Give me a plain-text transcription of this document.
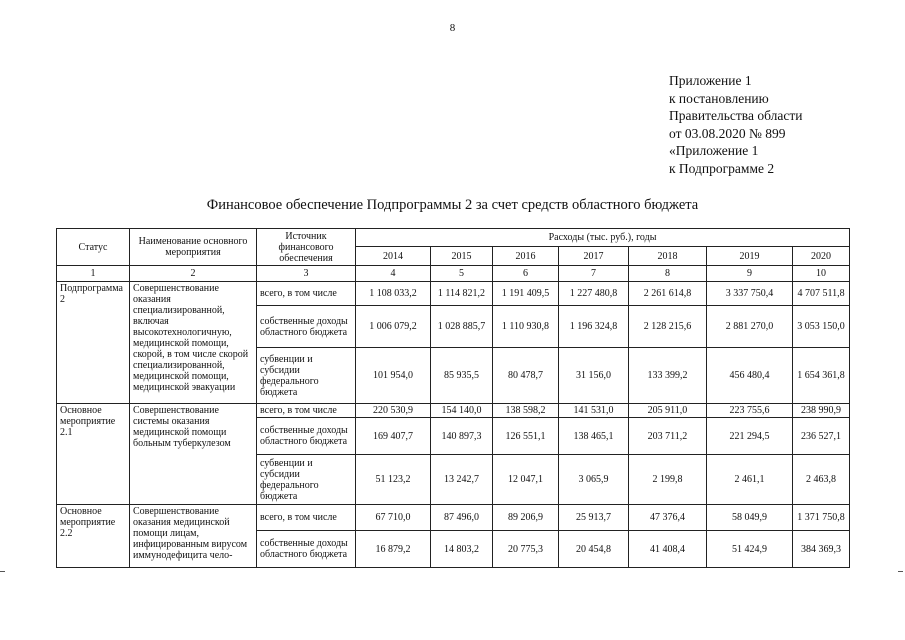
8
Приложение 1
к постановлению
Правительства области
от 03.08.2020 № 899
«Приложение 1
к Подпрограмме 2
Финансовое обеспечение Подпрограммы 2 за счет средств областного бюджета
Статус	Наименование основного мероприятия	Источник финансового обеспечения	Расходы (тыс. руб.), годы						
			2014	2015	2016	2017	2018	2019	2020
1	2	3	4	5	6	7	8	9	10
Подпрограмма 2	Совершенствование оказания специализированной, включая высокотехнологичную, медицинской помощи, скорой, в том числе скорой специализированной, медицинской помощи, медицинской эвакуации	всего, в том числе	1 108 033,2	1 114 821,2	1 191 409,5	1 227 480,8	2 261 614,8	3 337 750,4	4 707 511,8
		собственные доходы областного бюджета	1 006 079,2	1 028 885,7	1 110 930,8	1 196 324,8	2 128 215,6	2 881 270,0	3 053 150,0
		субвенции и субсидии федерального бюджета	101 954,0	85 935,5	80 478,7	31 156,0	133 399,2	456 480,4	1 654 361,8
Основное мероприятие 2.1	Совершенствование системы оказания медицинской помощи больным туберкулезом	всего, в том числе	220 530,9	154 140,0	138 598,2	141 531,0	205 911,0	223 755,6	238 990,9
		собственные доходы областного бюджета	169 407,7	140 897,3	126 551,1	138 465,1	203 711,2	221 294,5	236 527,1
		субвенции и субсидии федерального бюджета	51 123,2	13 242,7	12 047,1	3 065,9	2 199,8	2 461,1	2 463,8
Основное мероприятие 2.2	Совершенствование оказания медицинской помощи лицам, инфицированным вирусом иммунодефицита чело-	всего, в том числе	67 710,0	87 496,0	89 206,9	25 913,7	47 376,4	58 049,9	1 371 750,8
		собственные доходы областного бюджета	16 879,2	14 803,2	20 775,3	20 454,8	41 408,4	51 424,9	384 369,3
